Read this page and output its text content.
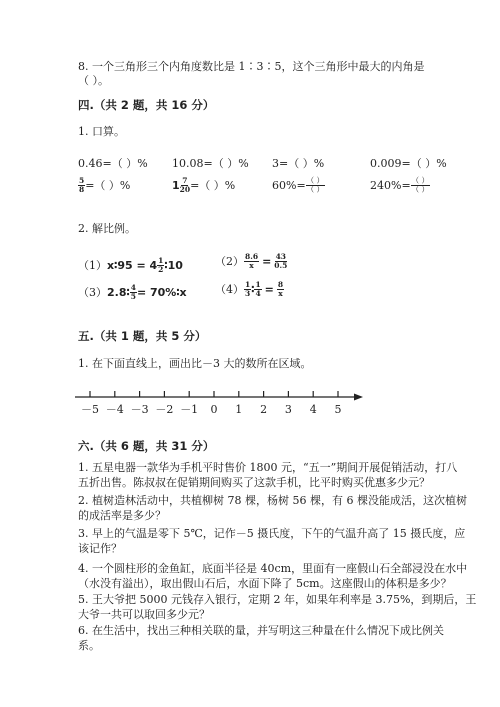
8. 一个三角形三个内角度数比是 1∶3∶5，这个三角形中最大的内角是
（ ）。
四.（共 2 题，共 16 分）
1. 口算。
0.46=（ ）% 10.08=（ ）% 3=（ ）%	0.009=（ ）%
$\frac{5}{8}$ =（ ）%	$1 \frac{7}{20}$ =（ ）%	$60\%= \frac{( )}{( )}$	$240\%= \frac{( )}{( )}$
2. 解比例。
（1） x∶95 = $4 \frac{1}{2}$ ∶10	$(2) \frac{8.6}{x} = \frac{43}{0.5}$
（3） 2.8∶ $\frac{4}{5}$ = 70%∶x	$(4) \frac{1}{3}$ ∶ $\frac{1}{4} = \frac{8}{x}$
五.（共 1 题，共 5 分）
1. 在下面直线上，画出比－3 大的数所在区域。
－5 －4 －3 －2 －1 0 1 2 3 4 5
六.（共 6 题，共 31 分）
1. 五星电器一款华为手机平时售价 1800 元，“五一”期间开展促销活动，打八
五折出售。陈叔叔在促销期间购买了这款手机，比平时购买优惠多少元？
2. 植树造林活动中，共植柳树 78 棵，杨树 56 棵，有 6 棵没能成活，这次植树
的成活率是多少？
3. 早上的气温是零下 5℃，记作－5 摄氏度，下午的气温升高了 15 摄氏度，应
该记作？
4. 一个圆柱形的金鱼缸，底面半径是 40cm，里面有一座假山石全部浸没在水中
（水没有溢出），取出假山石后，水面下降了 5cm。这座假山的体积是多少？
5. 王大爷把 5000 元钱存入银行，定期 2 年，如果年利率是 3.75%，到期后，王
大爷一共可以取回多少元？
6. 在生活中，找出三种相关联的量，并写明这三种量在什么情况下成比例关
系。
